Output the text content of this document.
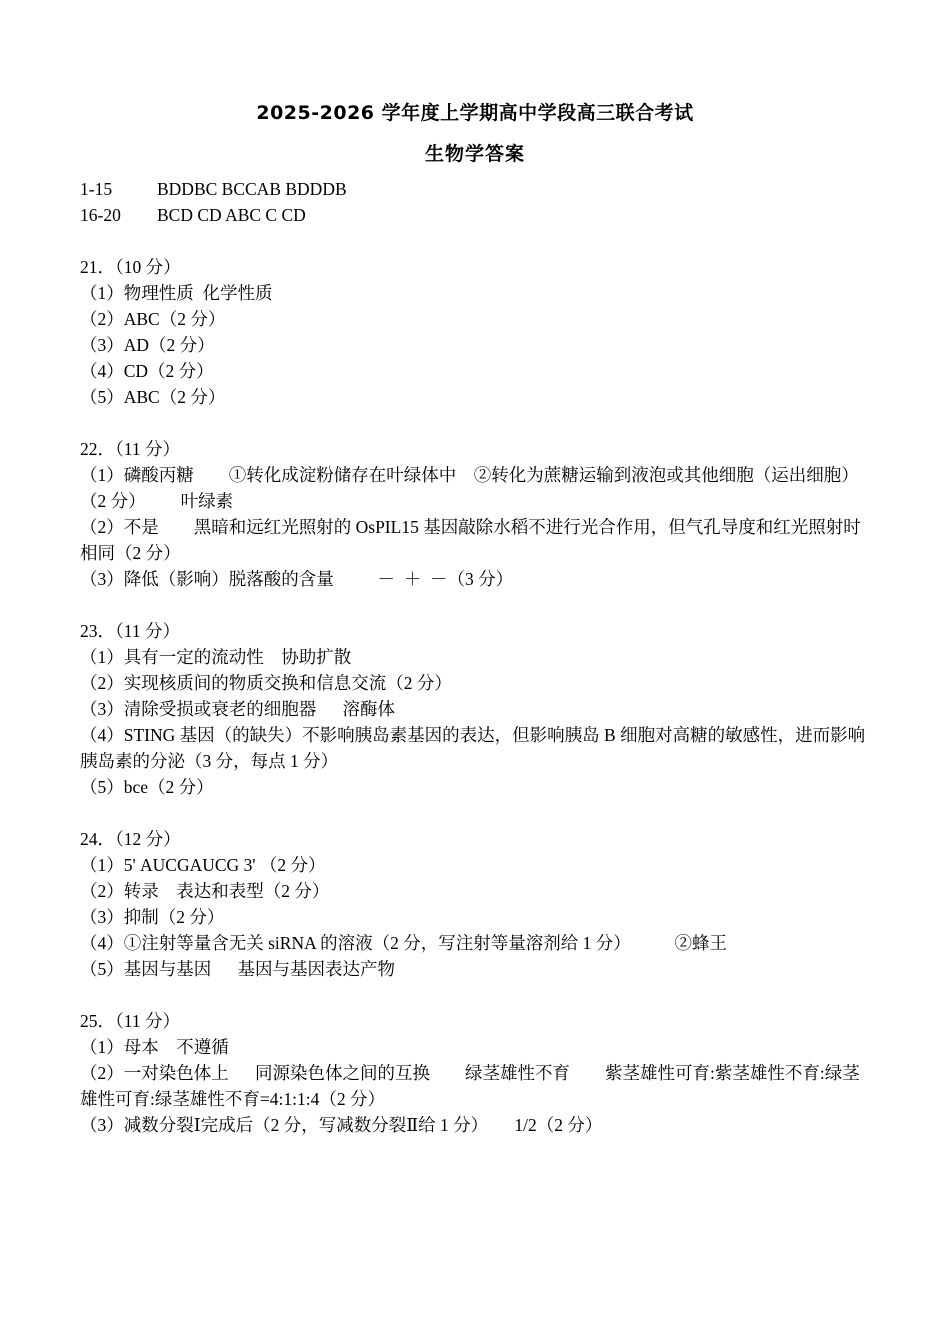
2025-2026 学年度上学期高中学段高三联合考试
生物学答案
1-15	BDDBC BCCAB BDDDB
16-20	BCD CD ABC C CD
21．（10 分）
（1）物理性质  化学性质
（2）ABC（2 分）
（3）AD（2 分）
（4）CD（2 分）
（5）ABC（2 分）
22．（11 分）
（1）磷酸丙糖        ①转化成淀粉储存在叶绿体中    ②转化为蔗糖运输到液泡或其他细胞（运出细胞）（2 分）        叶绿素
（2）不是        黑暗和远红光照射的 OsPIL15 基因敲除水稻不进行光合作用，但气孔导度和红光照射时相同（2 分）
（3）降低（影响）脱落酸的含量          －  ＋  －（3 分）
23．（11 分）
（1）具有一定的流动性    协助扩散
（2）实现核质间的物质交换和信息交流（2 分）
（3）清除受损或衰老的细胞器      溶酶体
（4）STING 基因（的缺失）不影响胰岛素基因的表达，但影响胰岛 B 细胞对高糖的敏感性，进而影响胰岛素的分泌（3 分，每点 1 分）
（5）bce（2 分）
24．（12 分）
（1）5' AUCGAUCG 3' （2 分）
（2）转录    表达和表型（2 分）
（3）抑制（2 分）
（4）①注射等量含无关 siRNA 的溶液（2 分，写注射等量溶剂给 1 分）          ②蜂王
（5）基因与基因      基因与基因表达产物
25．（11 分）
（1）母本    不遵循
（2）一对染色体上      同源染色体之间的互换        绿茎雄性不育        紫茎雄性可育:紫茎雄性不育:绿茎雄性可育:绿茎雄性不育=4:1:1:4（2 分）
（3）减数分裂Ⅰ完成后（2 分，写减数分裂Ⅱ给 1 分）      1/2（2 分）
